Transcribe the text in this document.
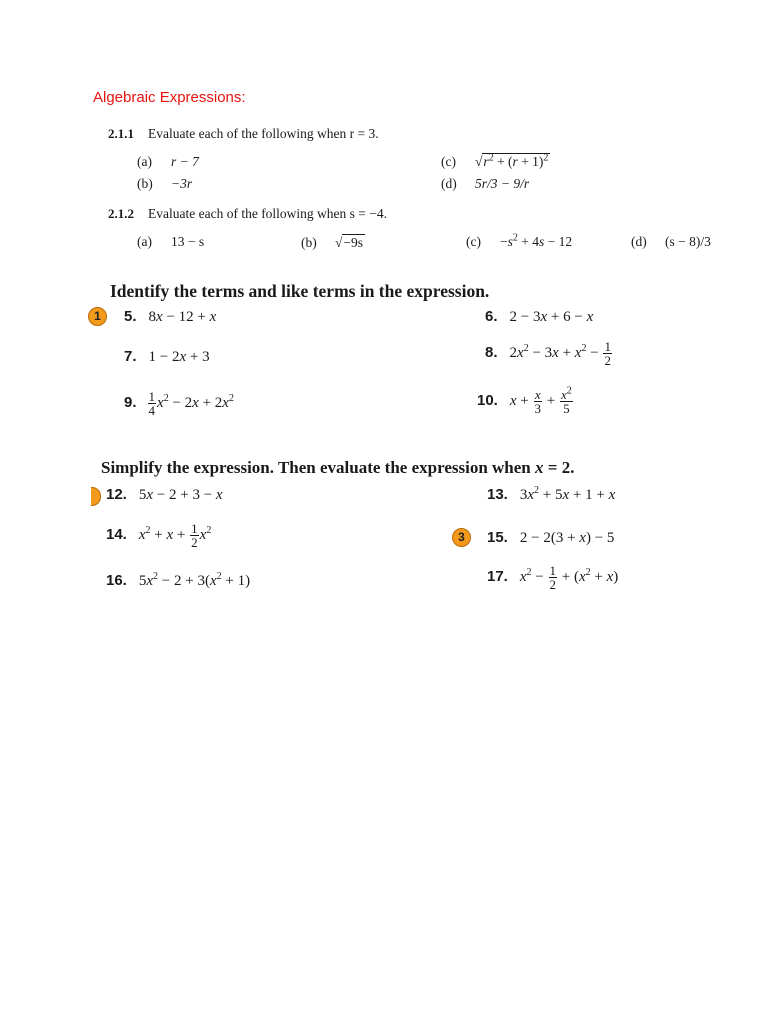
Algebraic Expressions:
2.1.1 Evaluate each of the following when r = 3.
(a) r − 7
(b) −3r
(c) $√r^2 + (r + 1)^2$
(d) 5r/3 − 9/r
2.1.2 Evaluate each of the following when s = −4.
(a) 13 − s	(b) √−9s	$(c) -s^2 + 4s - 12$	(d) (s − 8)/3
Identify the terms and like terms in the expression.
1	5. 8x − 12 + x	6. 2 − 3x + 6 − x
7. 1 − 2x + 3	8. $2x^2 - 3x + x^2 - \frac{1}{2}$
9. $\frac{1}{4} x^2 - 2x + 2x^2$	10. $x + \frac{x}{3} + \frac{x^2}{5}$
Simplify the expression. Then evaluate the expression when x = 2.
12. 5x − 2 + 3 − x	13. $3x^2 + 5x + 1 + x$
14. $x^2 + x + \frac{1}{2} x^2$	3	15. 2 − 2(3 + x) − 5
16. $5x^2 - 2 + 3(x^2 + 1)$	17. $x^2 - \frac{1}{2} + (x^2 + x)$
